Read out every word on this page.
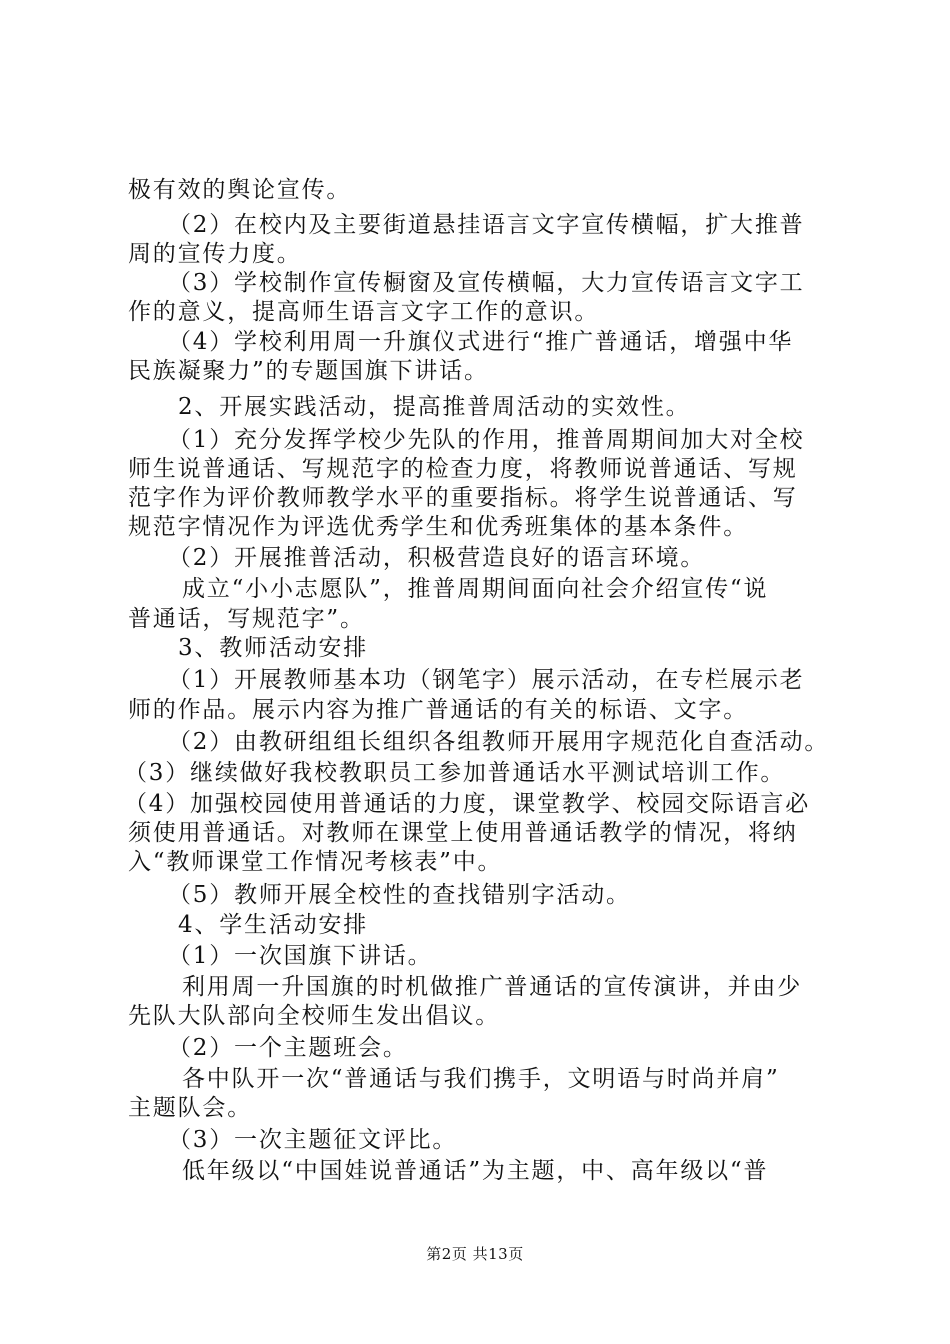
极有效的舆论宣传。
（2）在校内及主要街道悬挂语言文字宣传横幅，扩大推普
周的宣传力度。
（3）学校制作宣传橱窗及宣传横幅，大力宣传语言文字工
作的意义，提高师生语言文字工作的意识。
（4）学校利用周一升旗仪式进行“推广普通话，增强中华
民族凝聚力”的专题国旗下讲话。
2、开展实践活动，提高推普周活动的实效性。
（1）充分发挥学校少先队的作用，推普周期间加大对全校
师生说普通话、写规范字的检查力度，将教师说普通话、写规
范字作为评价教师教学水平的重要指标。将学生说普通话、写
规范字情况作为评选优秀学生和优秀班集体的基本条件。
（2）开展推普活动，积极营造良好的语言环境。
成立“小小志愿队”，推普周期间面向社会介绍宣传“说
普通话，写规范字”。
3、教师活动安排
（1）开展教师基本功（钢笔字）展示活动，在专栏展示老
师的作品。展示内容为推广普通话的有关的标语、文字。
（2）由教研组组长组织各组教师开展用字规范化自查活动。
（3）继续做好我校教职员工参加普通话水平测试培训工作。
（4）加强校园使用普通话的力度，课堂教学、校园交际语言必
须使用普通话。对教师在课堂上使用普通话教学的情况，将纳
入“教师课堂工作情况考核表”中。
（5）教师开展全校性的查找错别字活动。
4、学生活动安排
（1）一次国旗下讲话。
利用周一升国旗的时机做推广普通话的宣传演讲，并由少
先队大队部向全校师生发出倡议。
（2）一个主题班会。
各中队开一次“普通话与我们携手，文明语与时尚并肩”
主题队会。
（3）一次主题征文评比。
低年级以“中国娃说普通话”为主题，中、高年级以“普
第2页 共13页
